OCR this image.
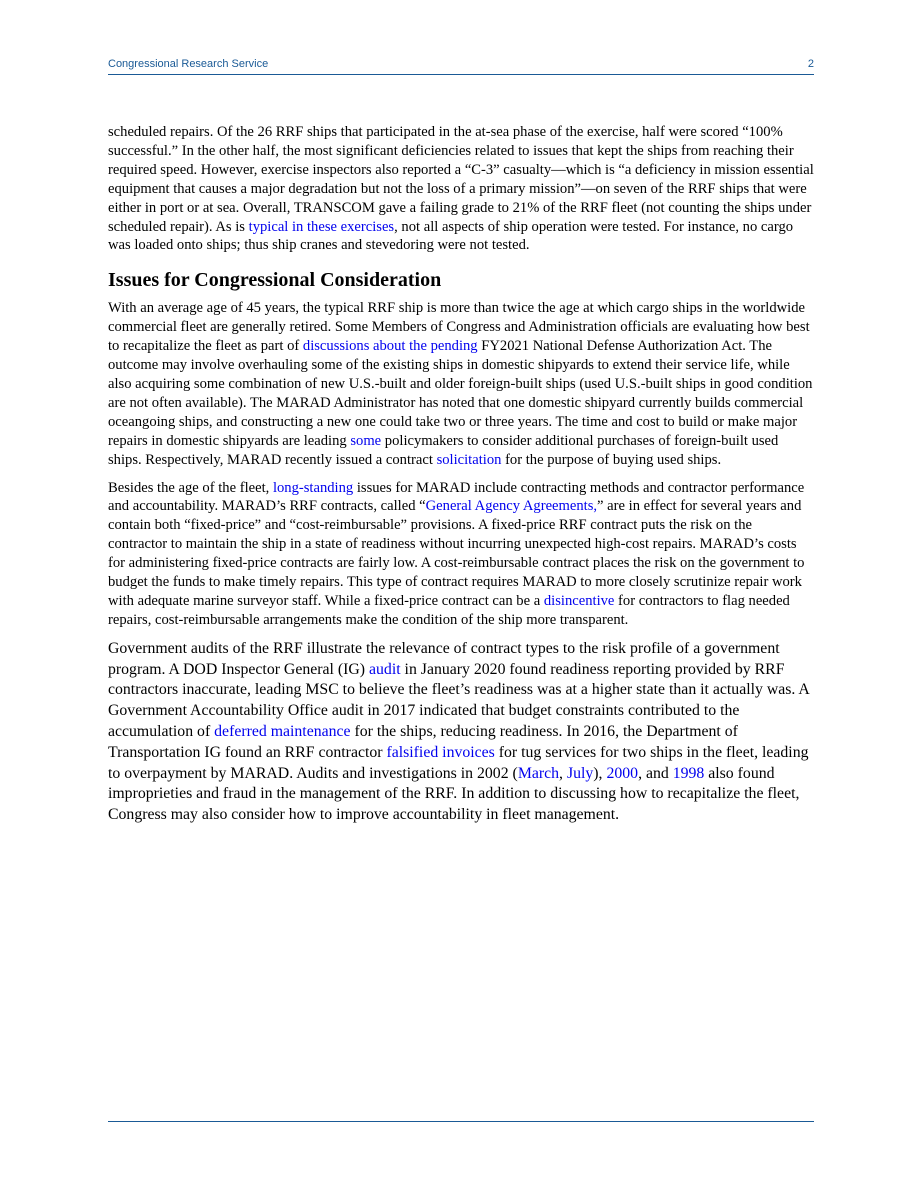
Congressional Research Service	2

scheduled repairs. Of the 26 RRF ships that participated in the at-sea phase of the exercise, half were scored “100% successful.” In the other half, the most significant deficiencies related to issues that kept the ships from reaching their required speed. However, exercise inspectors also reported a “C-3” casualty—which is “a deficiency in mission essential equipment that causes a major degradation but not the loss of a primary mission”—on seven of the RRF ships that were either in port or at sea. Overall, TRANSCOM gave a failing grade to 21% of the RRF fleet (not counting the ships under scheduled repair). As is typical in these exercises, not all aspects of ship operation were tested. For instance, no cargo was loaded onto ships; thus ship cranes and stevedoring were not tested.

Issues for Congressional Consideration

With an average age of 45 years, the typical RRF ship is more than twice the age at which cargo ships in the worldwide commercial fleet are generally retired. Some Members of Congress and Administration officials are evaluating how best to recapitalize the fleet as part of discussions about the pending FY2021 National Defense Authorization Act. The outcome may involve overhauling some of the existing ships in domestic shipyards to extend their service life, while also acquiring some combination of new U.S.-built and older foreign-built ships (used U.S.-built ships in good condition are not often available). The MARAD Administrator has noted that one domestic shipyard currently builds commercial oceangoing ships, and constructing a new one could take two or three years. The time and cost to build or make major repairs in domestic shipyards are leading some policymakers to consider additional purchases of foreign-built used ships. Respectively, MARAD recently issued a contract solicitation for the purpose of buying used ships.

Besides the age of the fleet, long-standing issues for MARAD include contracting methods and contractor performance and accountability. MARAD’s RRF contracts, called “General Agency Agreements,” are in effect for several years and contain both “fixed-price” and “cost-reimbursable” provisions. A fixed-price RRF contract puts the risk on the contractor to maintain the ship in a state of readiness without incurring unexpected high-cost repairs. MARAD’s costs for administering fixed-price contracts are fairly low. A cost-reimbursable contract places the risk on the government to budget the funds to make timely repairs. This type of contract requires MARAD to more closely scrutinize repair work with adequate marine surveyor staff. While a fixed-price contract can be a disincentive for contractors to flag needed repairs, cost-reimbursable arrangements make the condition of the ship more transparent.

Government audits of the RRF illustrate the relevance of contract types to the risk profile of a government program. A DOD Inspector General (IG) audit in January 2020 found readiness reporting provided by RRF contractors inaccurate, leading MSC to believe the fleet’s readiness was at a higher state than it actually was. A Government Accountability Office audit in 2017 indicated that budget constraints contributed to the accumulation of deferred maintenance for the ships, reducing readiness. In 2016, the Department of Transportation IG found an RRF contractor falsified invoices for tug services for two ships in the fleet, leading to overpayment by MARAD. Audits and investigations in 2002 (March, July), 2000, and 1998 also found improprieties and fraud in the management of the RRF. In addition to discussing how to recapitalize the fleet, Congress may also consider how to improve accountability in fleet management.
